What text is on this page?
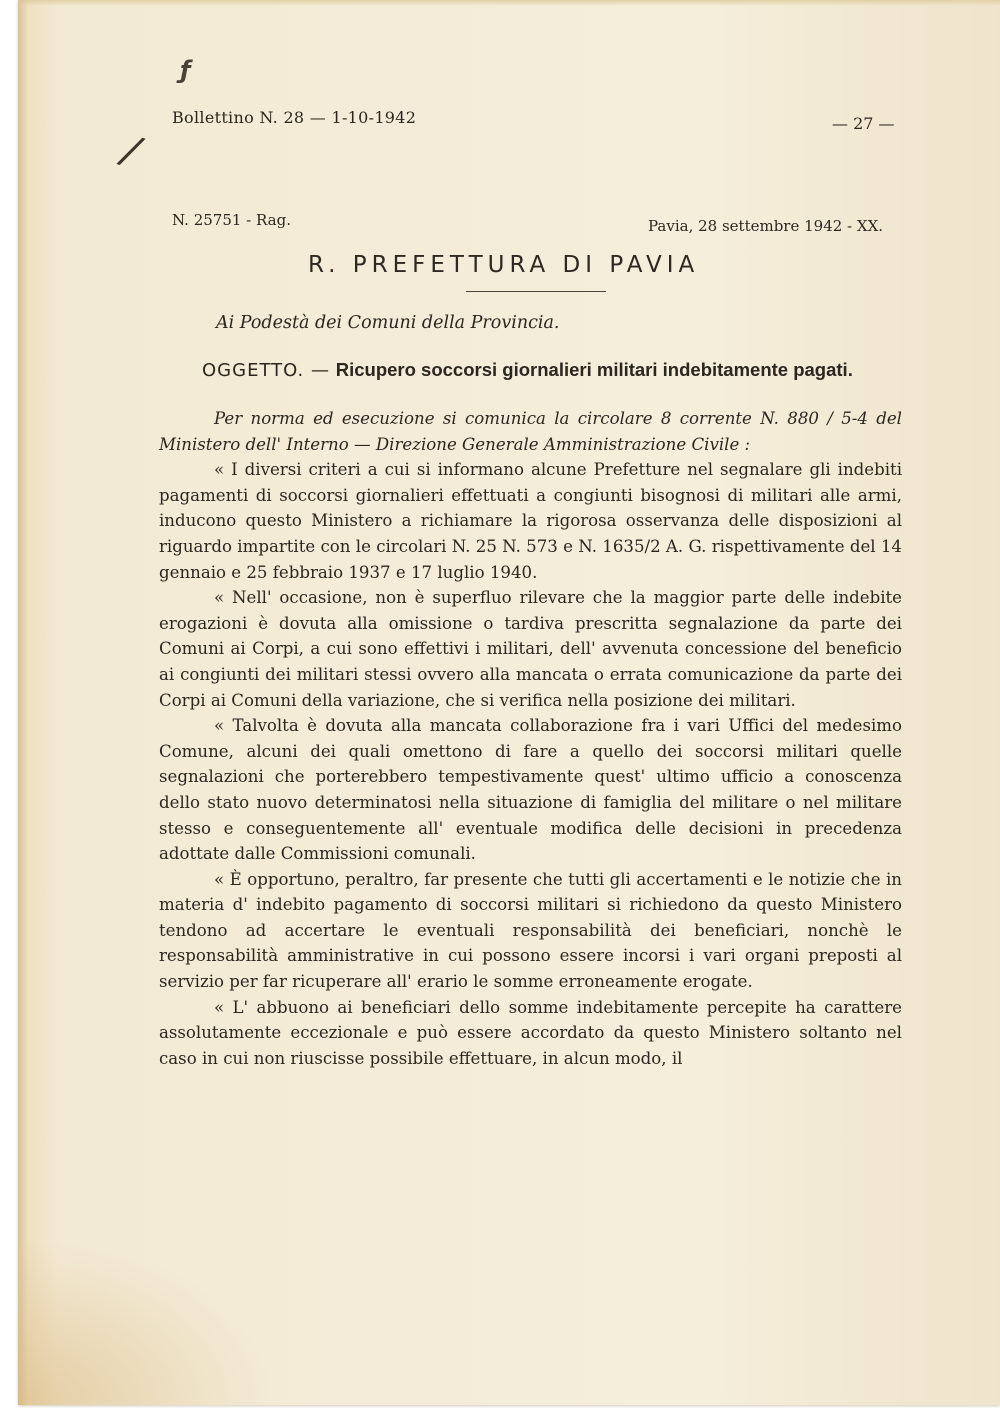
ƒ
/
Bollettino N. 28 — 1-10-1942	— 27 —
N. 25751 - Rag.	Pavia, 28 settembre 1942 - XX.
R. PREFETTURA DI PAVIA
Ai Podestà dei Comuni della Provincia.
OGGETTO. — Ricupero soccorsi giornalieri militari indebitamente pagati.

Per norma ed esecuzione si comunica la circolare 8 corrente N. 880 / 5-4 del Ministero dell' Interno — Direzione Generale Amministrazione Civile :

« I diversi criteri a cui si informano alcune Prefetture nel segnalare gli indebiti pagamenti di soccorsi giornalieri effettuati a congiunti bisognosi di militari alle armi, inducono questo Ministero a richiamare la rigorosa osservanza delle disposizioni al riguardo impartite con le circolari N. 25 N. 573 e N. 1635/2 A. G. rispettivamente del 14 gennaio e 25 febbraio 1937 e 17 luglio 1940.

« Nell' occasione, non è superfluo rilevare che la maggior parte delle indebite erogazioni è dovuta alla omissione o tardiva prescritta segnalazione da parte dei Comuni ai Corpi, a cui sono effettivi i militari, dell' avvenuta concessione del beneficio ai congiunti dei militari stessi ovvero alla mancata o errata comunicazione da parte dei Corpi ai Comuni della variazione, che si verifica nella posizione dei militari.

« Talvolta è dovuta alla mancata collaborazione fra i vari Uffici del medesimo Comune, alcuni dei quali omettono di fare a quello dei soccorsi militari quelle segnalazioni che porterebbero tempestivamente quest' ultimo ufficio a conoscenza dello stato nuovo determinatosi nella situazione di famiglia del militare o nel militare stesso e conseguentemente all' eventuale modifica delle decisioni in precedenza adottate dalle Commissioni comunali.

« È opportuno, peraltro, far presente che tutti gli accertamenti e le notizie che in materia d' indebito pagamento di soccorsi militari si richiedono da questo Ministero tendono ad accertare le eventuali responsabilità dei beneficiari, nonchè le responsabilità amministrative in cui possono essere incorsi i vari organi preposti al servizio per far ricuperare all' erario le somme erroneamente erogate.

« L' abbuono ai beneficiari dello somme indebitamente percepite ha carattere assolutamente eccezionale e può essere accordato da questo Ministero soltanto nel caso in cui non riuscisse possibile effettuare, in alcun modo, il
